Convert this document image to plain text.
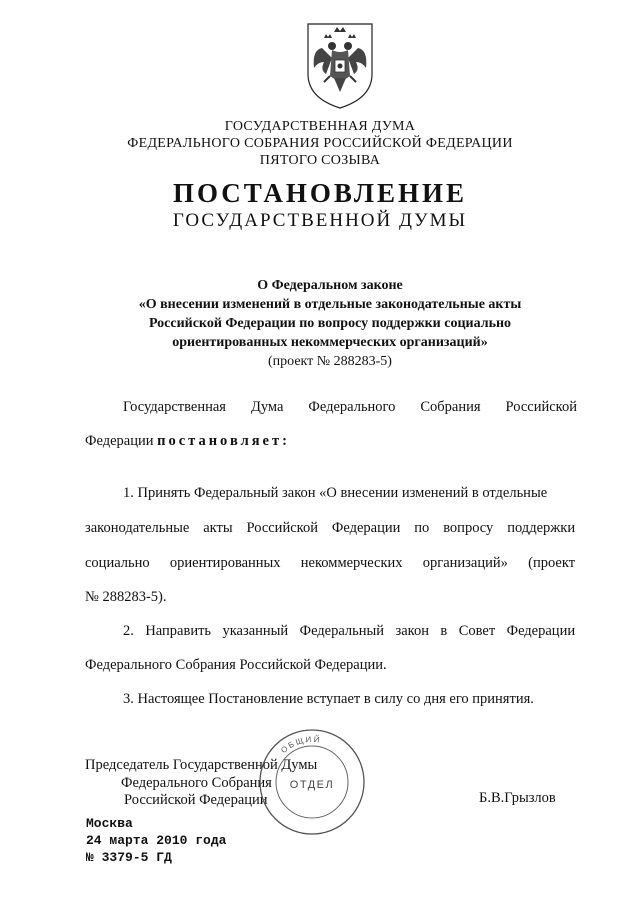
ГОСУДАРСТВЕННАЯ ДУМА
ФЕДЕРАЛЬНОГО СОБРАНИЯ РОССИЙСКОЙ ФЕДЕРАЦИИ
ПЯТОГО СОЗЫВА
ПОСТАНОВЛЕНИЕ
ГОСУДАРСТВЕННОЙ ДУМЫ
О Федеральном законе
«О внесении изменений в отдельные законодательные акты
Российской Федерации по вопросу поддержки социально
ориентированных некоммерческих организаций»
(проект № 288283-5)
Государственная Дума Федерального Собрания Российской
Федерации постановляет:
1. Принять Федеральный закон «О внесении изменений в отдельные
законодательные акты Российской Федерации по вопросу поддержки
социально ориентированных некоммерческих организаций» (проект
№ 288283-5).
2. Направить указанный Федеральный закон в Совет Федерации
Федерального Собрания Российской Федерации.
3. Настоящее Постановление вступает в силу со дня его принятия.
Председатель Государственной Думы
Федерального Собрания
Российской Федерации	Б.В.Грызлов
ОБЩИЙ
ОТДЕЛ
Москва
24 марта 2010 года
№ 3379-5 ГД
